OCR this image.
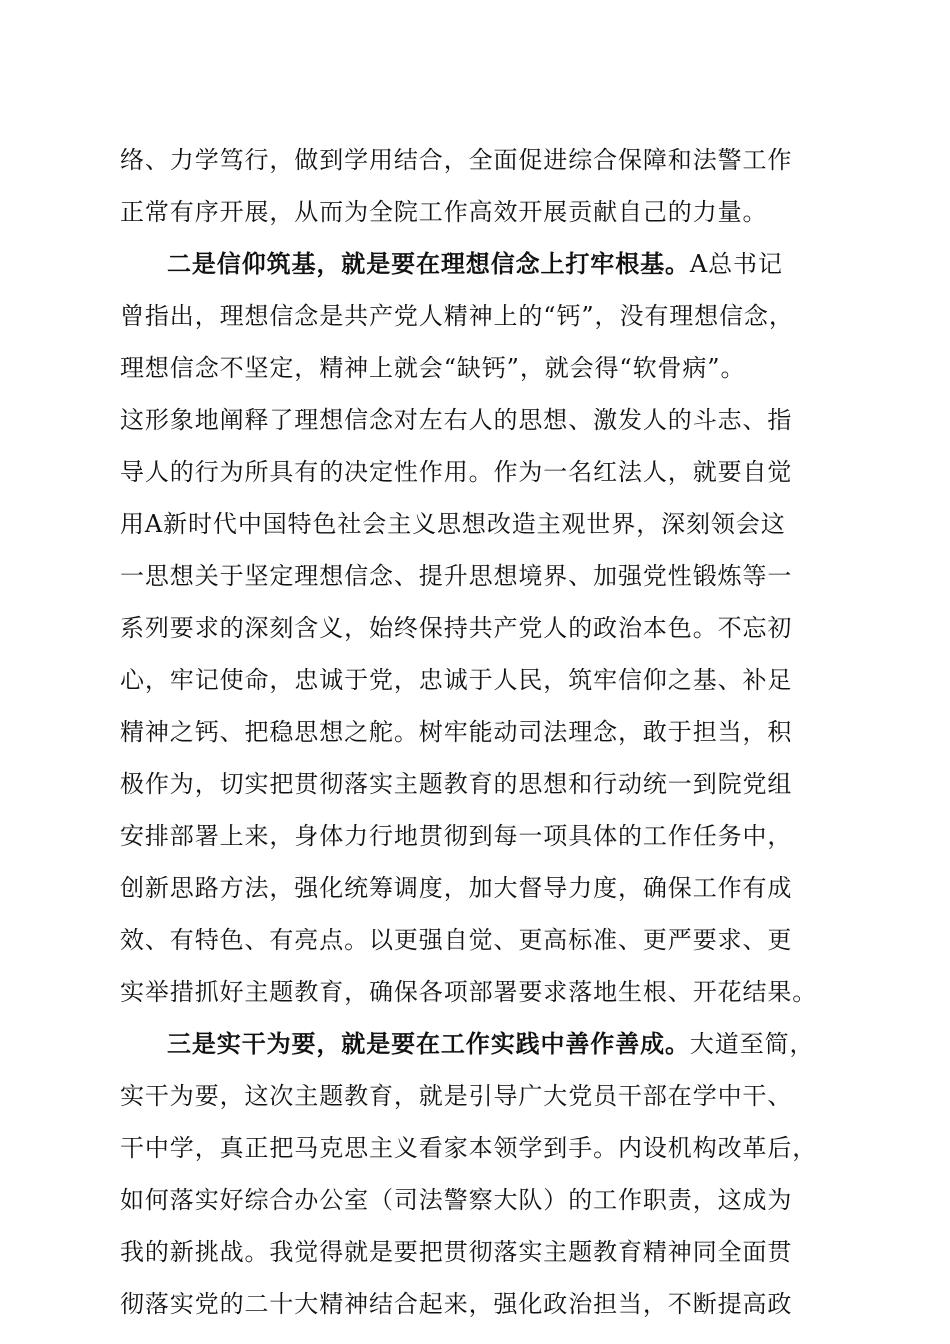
络、力学笃行，做到学用结合，全面促进综合保障和法警工作
正常有序开展，从而为全院工作高效开展贡献自己的力量。
二是信仰筑基，就是要在理想信念上打牢根基。A总书记
曾指出，理想信念是共产党人精神上的“钙”，没有理想信念，
理想信念不坚定，精神上就会“缺钙”，就会得“软骨病”。
这形象地阐释了理想信念对左右人的思想、激发人的斗志、指
导人的行为所具有的决定性作用。作为一名红法人，就要自觉
用A新时代中国特色社会主义思想改造主观世界，深刻领会这
一思想关于坚定理想信念、提升思想境界、加强党性锻炼等一
系列要求的深刻含义，始终保持共产党人的政治本色。不忘初
心，牢记使命，忠诚于党，忠诚于人民，筑牢信仰之基、补足
精神之钙、把稳思想之舵。树牢能动司法理念，敢于担当，积
极作为，切实把贯彻落实主题教育的思想和行动统一到院党组
安排部署上来，身体力行地贯彻到每一项具体的工作任务中，
创新思路方法，强化统筹调度，加大督导力度，确保工作有成
效、有特色、有亮点。以更强自觉、更高标准、更严要求、更
实举措抓好主题教育，确保各项部署要求落地生根、开花结果。
三是实干为要，就是要在工作实践中善作善成。大道至简，
实干为要，这次主题教育，就是引导广大党员干部在学中干、
干中学，真正把马克思主义看家本领学到手。内设机构改革后，
如何落实好综合办公室（司法警察大队）的工作职责，这成为
我的新挑战。我觉得就是要把贯彻落实主题教育精神同全面贯
彻落实党的二十大精神结合起来，强化政治担当，不断提高政
